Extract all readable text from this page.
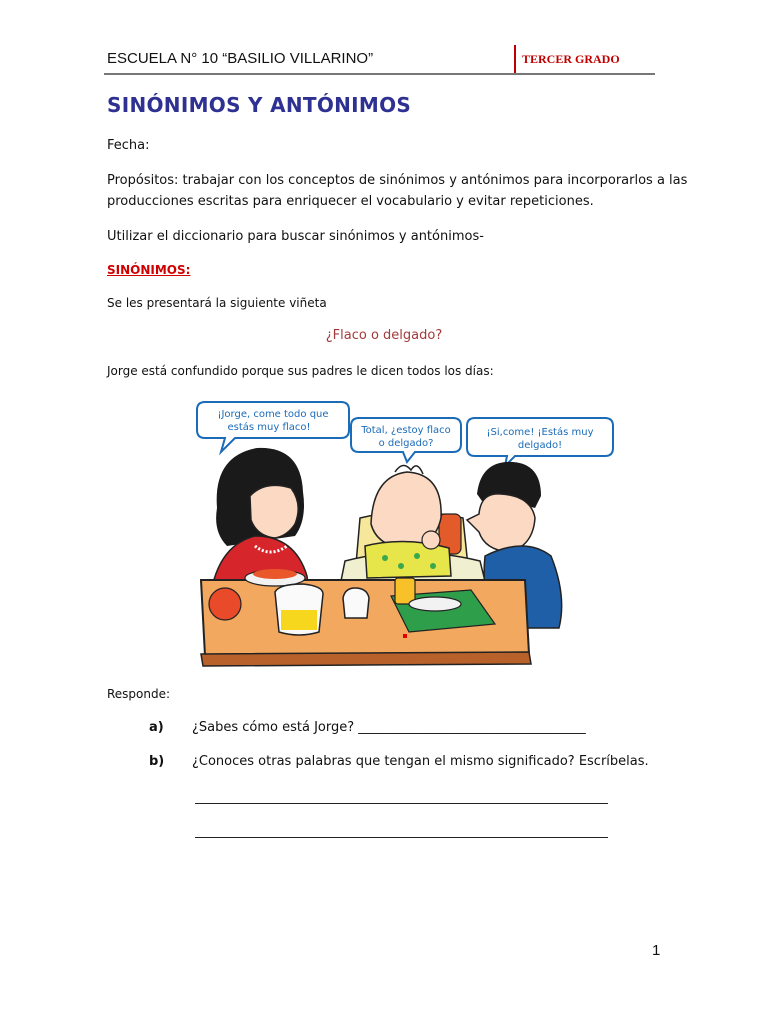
ESCUELA N° 10 “BASILIO VILLARINO”	TERCER GRADO
SINÓNIMOS Y ANTÓNIMOS
Fecha:
Propósitos: trabajar con los conceptos de sinónimos y antónimos para incorporarlos a las
producciones escritas para enriquecer el vocabulario y evitar repeticiones.
Utilizar el diccionario para buscar sinónimos y antónimos-
SINÓNIMOS:
Se les presentará la siguiente viñeta
¿Flaco o delgado?
Jorge está confundido porque sus padres le dicen todos los días:
¡Jorge, come todo que
estás muy flaco!	Total, ¿estoy flaco
o delgado?
¡Si,come! ¡Estás muy
delgado!
Responde:
a) ¿Sabes cómo está Jorge? ___________________________________
b) ¿Conoces otras palabras que tengan el mismo significado? Escríbelas.
1
